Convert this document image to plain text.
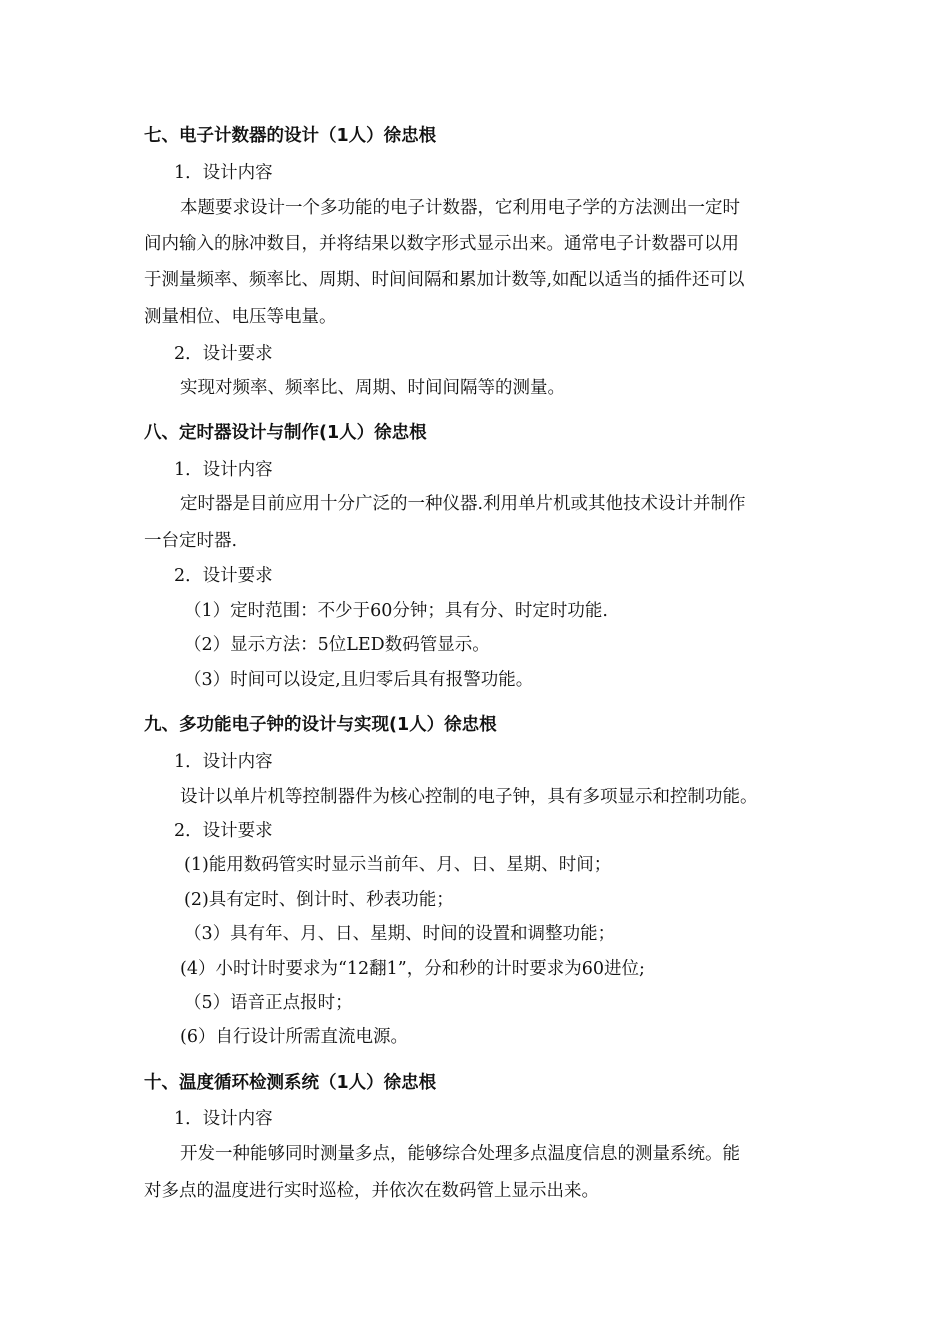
七、电子计数器的设计（1人）徐忠根
1．设计内容
本题要求设计一个多功能的电子计数器，它利用电子学的方法测出一定时
间内输入的脉冲数目，并将结果以数字形式显示出来。通常电子计数器可以用
于测量频率、频率比、周期、时间间隔和累加计数等,如配以适当的插件还可以
测量相位、电压等电量。
2．设计要求
实现对频率、频率比、周期、时间间隔等的测量。
八、定时器设计与制作(1人）徐忠根
1．设计内容
定时器是目前应用十分广泛的一种仪器.利用单片机或其他技术设计并制作
一台定时器.
2．设计要求
（1）定时范围：不少于60分钟；具有分、时定时功能.
（2）显示方法：5位LED数码管显示。
（3）时间可以设定,且归零后具有报警功能。
九、多功能电子钟的设计与实现(1人）徐忠根
1．设计内容
设计以单片机等控制器件为核心控制的电子钟，具有多项显示和控制功能。
2．设计要求
(1)能用数码管实时显示当前年、月、日、星期、时间；
(2)具有定时、倒计时、秒表功能；
（3）具有年、月、日、星期、时间的设置和调整功能；
(4）小时计时要求为“12翻1”，分和秒的计时要求为60进位;
（5）语音正点报时；
(6）自行设计所需直流电源。
十、温度循环检测系统（1人）徐忠根
1．设计内容
开发一种能够同时测量多点，能够综合处理多点温度信息的测量系统。能
对多点的温度进行实时巡检，并依次在数码管上显示出来。
